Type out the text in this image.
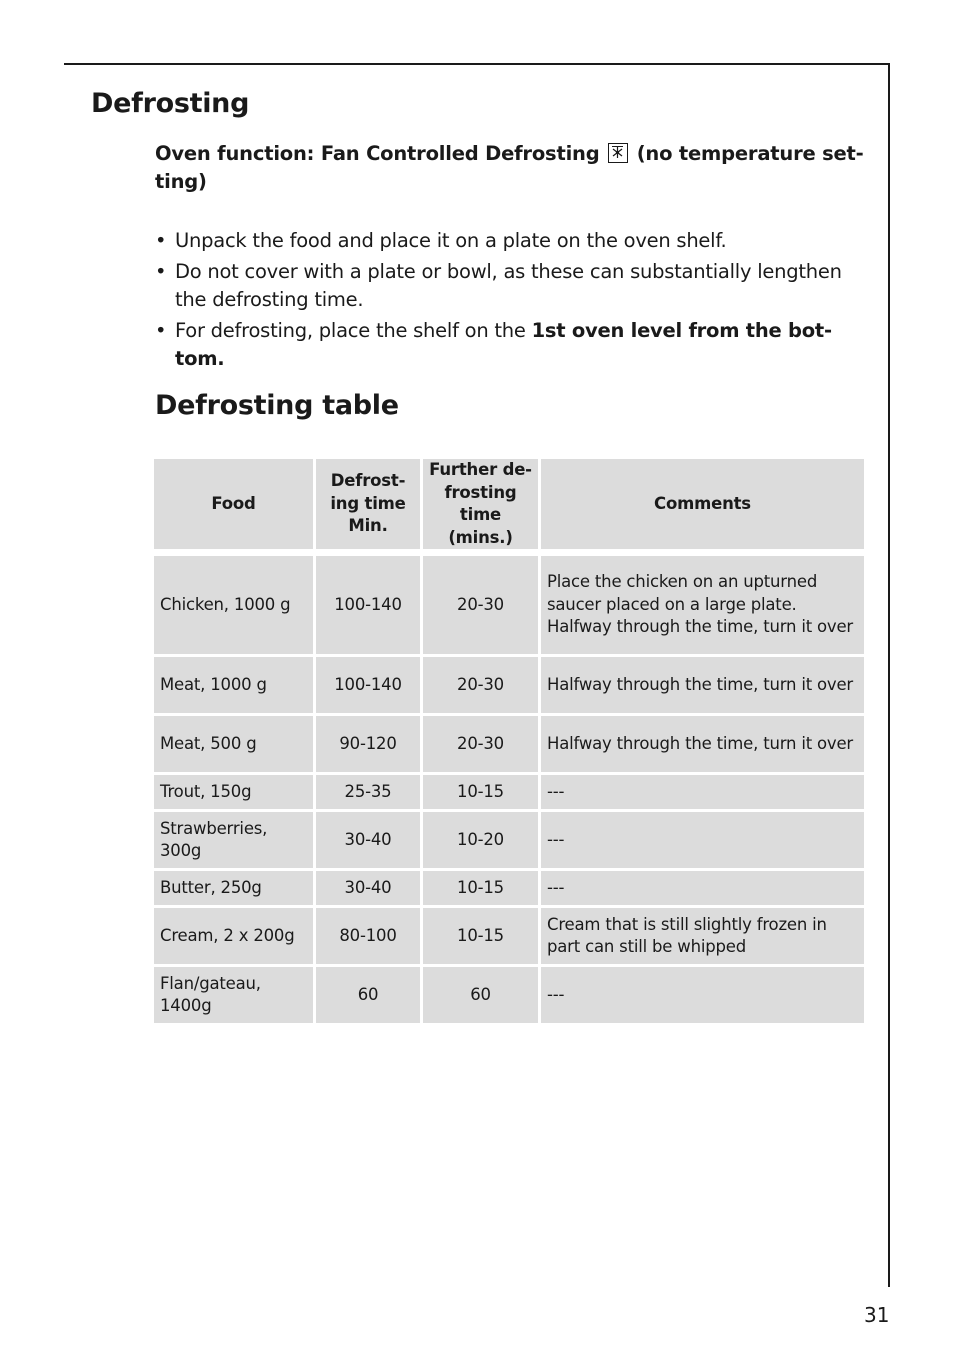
Defrosting
Oven function: Fan Controlled Defrosting (no temperature set-ting)
• Unpack the food and place it on a plate on the oven shelf.
• Do not cover with a plate or bowl, as these can substantially lengthen the defrosting time.
• For defrosting, place the shelf on the 1st oven level from the bot-tom.
Defrosting table
Food	Defrost-ing time Min.	Further de-frosting time (mins.)	Comments
Chicken, 1000 g	100-140	20-30	Place the chicken on an upturned saucer placed on a large plate. Halfway through the time, turn it over
Meat, 1000 g	100-140	20-30	Halfway through the time, turn it over
Meat, 500 g	90-120	20-30	Halfway through the time, turn it over
Trout, 150g	25-35	10-15	---
Strawberries, 300g	30-40	10-20	---
Butter, 250g	30-40	10-15	---
Cream, 2 x 200g	80-100	10-15	Cream that is still slightly frozen in part can still be whipped
Flan/gateau, 1400g	60	60	---
31
